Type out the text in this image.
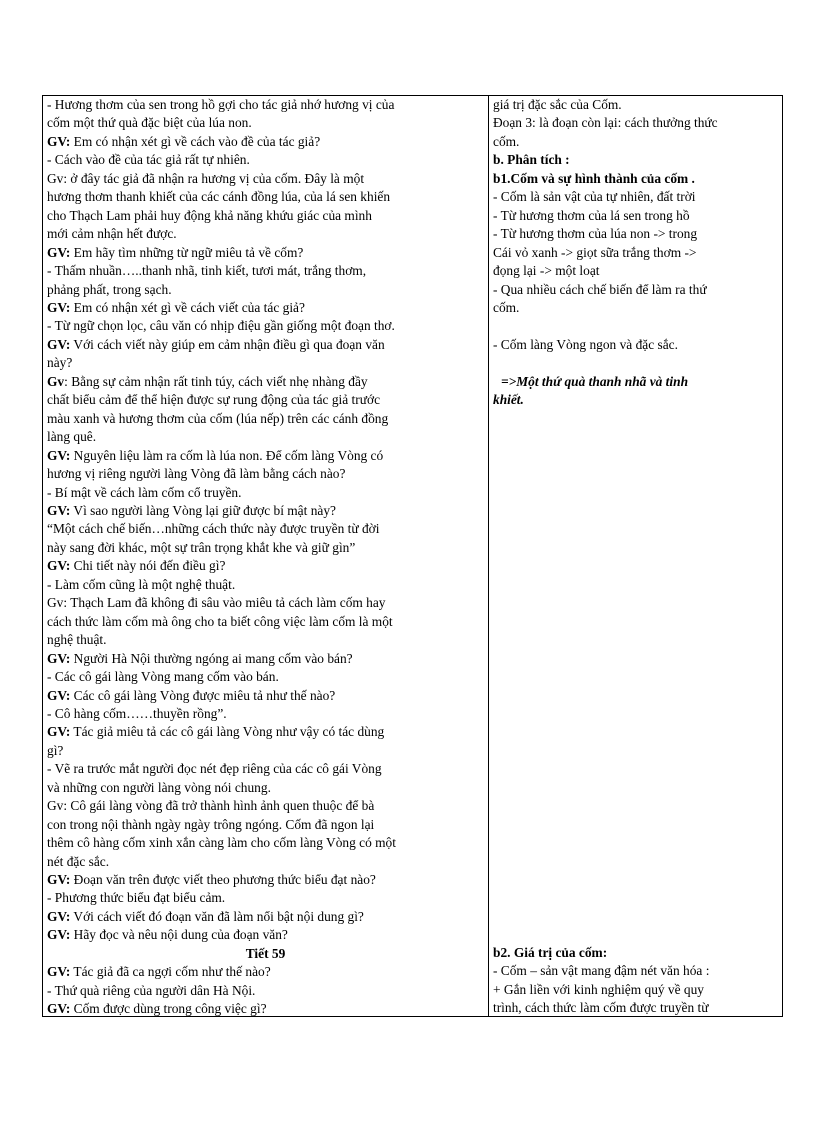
- Hương thơm của sen trong hồ gợi cho tác giả nhớ hương vị của
cốm một thứ quà đặc biệt của lúa non.
GV: Em có nhận xét gì về cách vào đề của tác giả?
- Cách vào đề của tác giả rất tự nhiên.
Gv: ở đây tác giả đã nhận ra hương vị của cốm. Đây là một
hương thơm thanh khiết của các cánh đồng lúa, của lá sen khiến
cho Thạch Lam phải huy động khả năng khứu giác của mình
mới cảm nhận hết được.
GV: Em hãy tìm những từ ngữ miêu tả về cốm?
- Thấm nhuần…..thanh nhã, tinh kiết, tươi mát, trắng thơm,
phảng phất, trong sạch.
GV: Em có nhận xét gì về cách viết của tác giả?
- Từ ngữ chọn lọc, câu văn có nhịp điệu gần giống một đoạn thơ.
GV: Với cách viết này giúp em cảm nhận điều gì qua đoạn văn
này?
Gv: Bằng sự cảm nhận rất tinh túy, cách viết nhẹ nhàng đầy
chất biểu cảm để thể hiện được sự rung động của tác giả trước
màu xanh và hương thơm của cốm (lúa nếp) trên các cánh đồng
làng quê.
GV: Nguyên liệu làm ra cốm là lúa non. Để cốm làng Vòng có
hương vị riêng người làng Vòng đã làm bằng cách nào?
- Bí mật về cách làm cốm cổ truyền.
GV: Vì sao người làng Vòng lại giữ được bí mật này?
“Một cách chế biến…những cách thức này được truyền từ đời
này sang đời khác, một sự trân trọng khắt khe và giữ gìn”
GV: Chi tiết này nói đến điều gì?
- Làm cốm cũng là một nghệ thuật.
Gv: Thạch Lam đã không đi sâu vào miêu tả cách làm cốm hay
cách thức làm cốm mà ông cho ta biết công việc làm cốm là một
nghệ thuật.
GV: Người Hà Nội thường ngóng ai mang cốm vào bán?
- Các cô gái làng Vòng mang cốm vào bán.
GV: Các cô gái làng Vòng được miêu tả như thế nào?
- Cô hàng cốm……thuyền rồng”.
GV: Tác giả miêu tả các cô gái làng Vòng như vậy có tác dùng
gì?
- Vẽ ra trước mắt người đọc nét đẹp riêng của các cô gái Vòng
và những con người làng vòng nói chung.
Gv: Cô gái làng vòng đã trở thành hình ảnh quen thuộc để bà
con trong nội thành ngày ngày trông ngóng. Cốm đã ngon lại
thêm cô hàng cốm xinh xắn càng làm cho cốm làng Vòng có một
nét đặc sắc.
GV: Đoạn văn trên được viết theo phương thức biểu đạt nào?
- Phương thức biểu đạt biểu cảm.
GV: Với cách viết đó đoạn văn đã làm nổi bật nội dung gì?
GV: Hãy đọc và nêu nội dung của đoạn văn?
Tiết 59
GV: Tác giả đã ca ngợi cốm như thế nào?
- Thứ quà riêng của người dân Hà Nội.
GV: Cốm được dùng trong công việc gì?
giá trị đặc sắc của Cốm.
Đoạn 3: là đoạn còn lại: cách thưởng thức
cốm.
b. Phân tích :
b1.Cốm và sự hình thành của cốm .
- Cốm là sản vật của tự nhiên, đất trời
- Từ hương thơm của lá sen trong hồ
- Từ hương thơm của lúa non -> trong
Cái vỏ xanh -> giọt sữa trắng thơm ->
đọng lại -> một loạt
- Qua nhiều cách chế biến để làm ra thứ
cốm.
- Cốm làng Vòng ngon và đặc sắc.
=>Một thứ quà thanh nhã và tinh
khiết.
b2. Giá trị của cốm:
- Cốm – sản vật mang đậm nét văn hóa :
+ Gắn liền với kinh nghiệm quý về quy
trình, cách thức làm cốm được truyền từ
